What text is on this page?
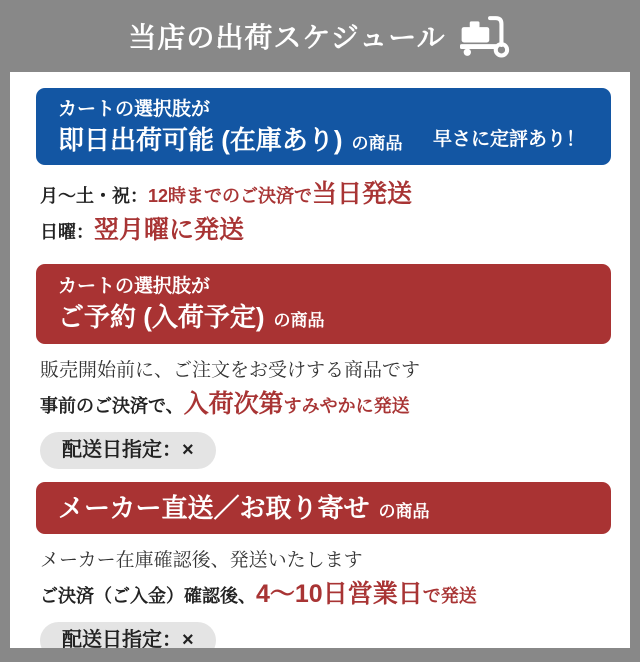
当店の出荷スケジュール
カートの選択肢が
即日出荷可能 (在庫あり) の商品 早さに定評あり！
月〜土・祝：12時までのご決済で当日発送
日曜：翌月曜に発送
カートの選択肢が
ご予約 (入荷予定) の商品
販売開始前に、ご注文をお受けする商品です
事前のご決済で、入荷次第すみやかに発送
配送日指定：×
メーカー直送／お取り寄せ の商品
メーカー在庫確認後、発送いたします
ご決済（ご入金）確認後、4〜10日営業日で発送
配送日指定：×
